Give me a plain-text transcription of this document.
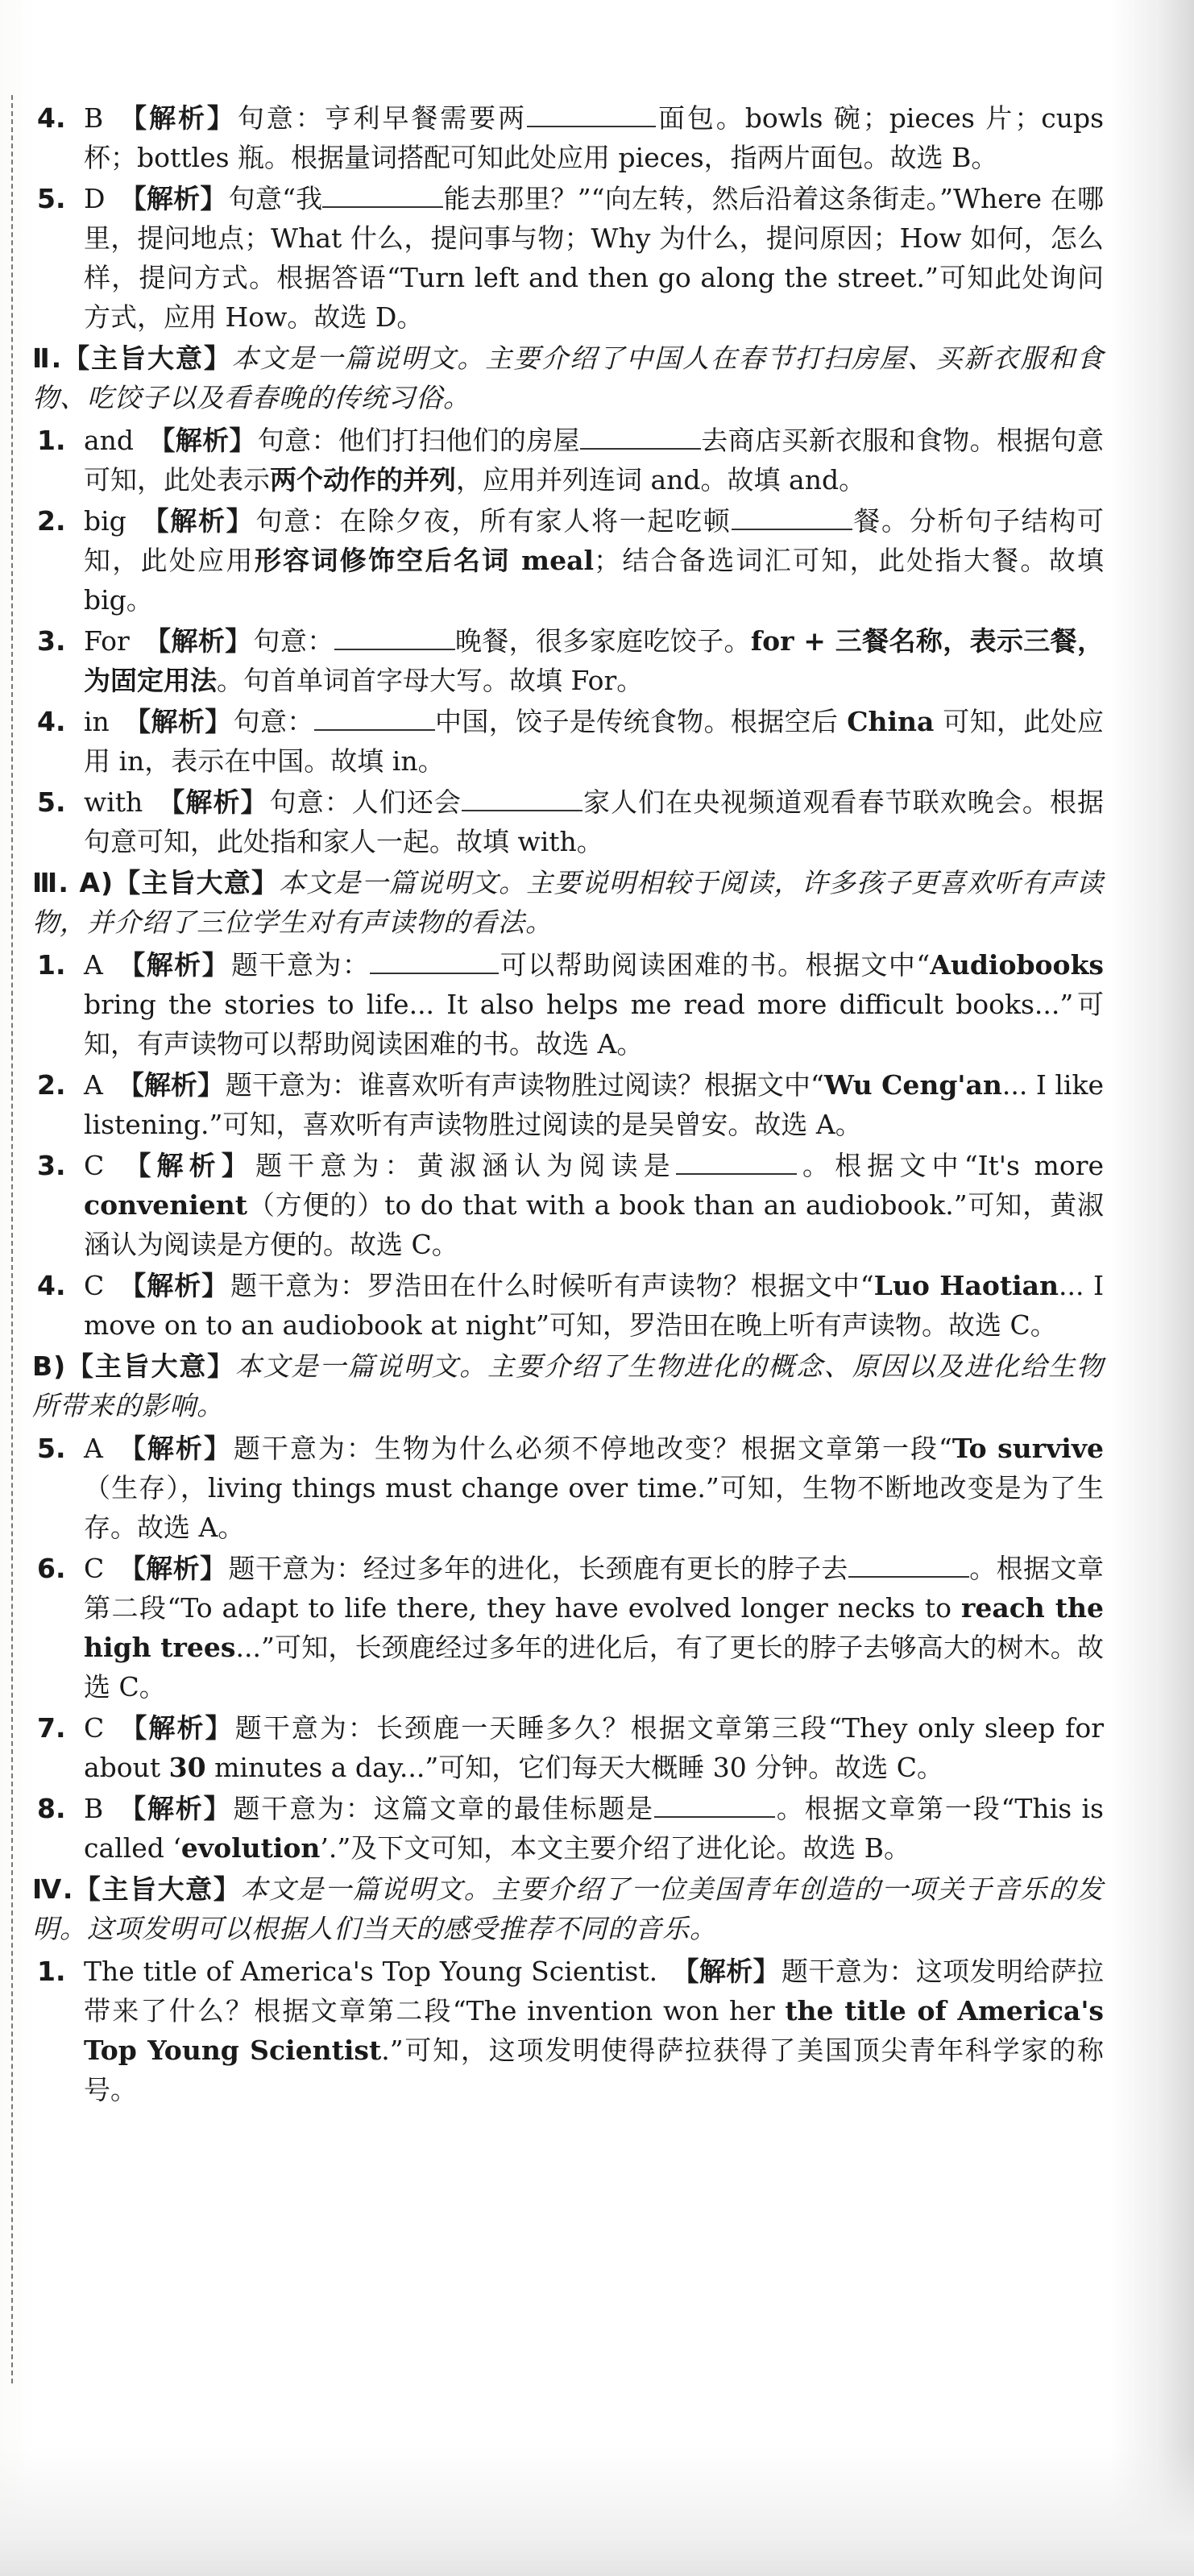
4. B 【解析】句意：亨利早餐需要两	面包。bowls 碗；pieces 片；cups 杯；bottles 瓶。根据量词搭配可知此处应用 pieces，指两片面包。故选 B。
5. D 【解析】句意“我	能去那里？”“向左转，然后沿着这条街走。”Where 在哪里，提问地点；What 什么，提问事与物；Why 为什么，提问原因；How 如何，怎么样，提问方式。根据答语“Turn left and then go along the street.”可知此处询问方式，应用 How。故选 D。
Ⅱ.【主旨大意】本文是一篇说明文。主要介绍了中国人在春节打扫房屋、买新衣服和食物、吃饺子以及看春晚的传统习俗。
1. and 【解析】句意：他们打扫他们的房屋	去商店买新衣服和食物。根据句意可知，此处表示两个动作的并列，应用并列连词 and。故填 and。
2. big 【解析】句意：在除夕夜，所有家人将一起吃顿	餐。分析句子结构可知，此处应用形容词修饰空后名词 meal；结合备选词汇可知，此处指大餐。故填 big。
3. For 【解析】句意：	晚餐，很多家庭吃饺子。for + 三餐名称，表示三餐，为固定用法。句首单词首字母大写。故填 For。
4. in 【解析】句意：	中国，饺子是传统食物。根据空后 China 可知，此处应用 in，表示在中国。故填 in。
5. with 【解析】句意：人们还会	家人们在央视频道观看春节联欢晚会。根据句意可知，此处指和家人一起。故填 with。
Ⅲ. A)【主旨大意】本文是一篇说明文。主要说明相较于阅读，许多孩子更喜欢听有声读物，并介绍了三位学生对有声读物的看法。
1. A 【解析】题干意为：	可以帮助阅读困难的书。根据文中“Audiobooks bring the stories to life... It also helps me read more difficult books...”可知，有声读物可以帮助阅读困难的书。故选 A。
2. A 【解析】题干意为：谁喜欢听有声读物胜过阅读？根据文中“Wu Ceng'an... I like listening.”可知，喜欢听有声读物胜过阅读的是吴曾安。故选 A。
3. C 【解析】题干意为：黄淑涵认为阅读是	。根据文中“It's more convenient（方便的）to do that with a book than an audiobook.”可知，黄淑涵认为阅读是方便的。故选 C。
4. C 【解析】题干意为：罗浩田在什么时候听有声读物？根据文中“Luo Haotian... I move on to an audiobook at night”可知，罗浩田在晚上听有声读物。故选 C。
B)【主旨大意】本文是一篇说明文。主要介绍了生物进化的概念、原因以及进化给生物所带来的影响。
5. A 【解析】题干意为：生物为什么必须不停地改变？根据文章第一段“To survive（生存），living things must change over time.”可知，生物不断地改变是为了生存。故选 A。
6. C 【解析】题干意为：经过多年的进化，长颈鹿有更长的脖子去	。根据文章第二段“To adapt to life there, they have evolved longer necks to reach the high trees...”可知，长颈鹿经过多年的进化后，有了更长的脖子去够高大的树木。故选 C。
7. C 【解析】题干意为：长颈鹿一天睡多久？根据文章第三段“They only sleep for about 30 minutes a day...”可知，它们每天大概睡 30 分钟。故选 C。
8. B 【解析】题干意为：这篇文章的最佳标题是	。根据文章第一段“This is called ‘evolution’.”及下文可知，本文主要介绍了进化论。故选 B。
Ⅳ.【主旨大意】本文是一篇说明文。主要介绍了一位美国青年创造的一项关于音乐的发明。这项发明可以根据人们当天的感受推荐不同的音乐。
1. The title of America's Top Young Scientist. 【解析】题干意为：这项发明给萨拉带来了什么？根据文章第二段“The invention won her the title of America's Top Young Scientist.”可知，这项发明使得萨拉获得了美国顶尖青年科学家的称号。
